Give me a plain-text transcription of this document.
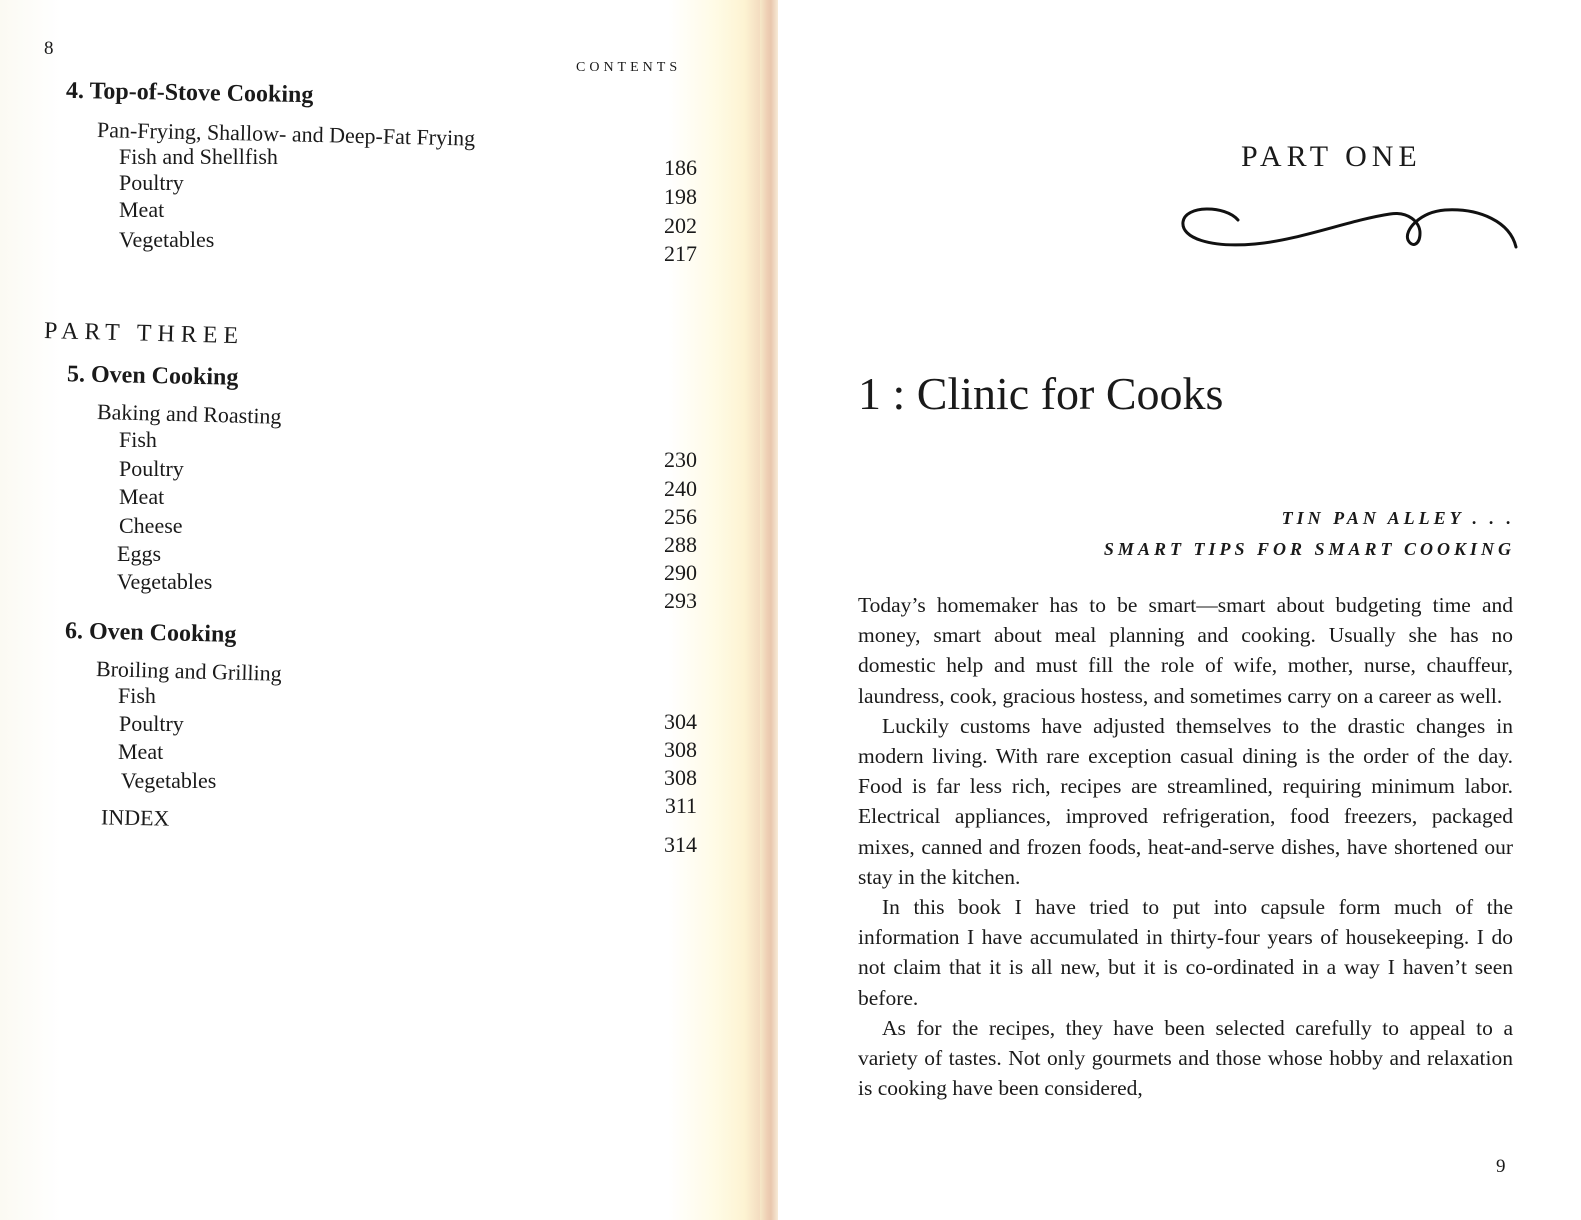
8
CONTENTS
4. Top-of-Stove Cooking
Pan-Frying, Shallow- and Deep-Fat Frying
Fish and Shellfish
Poultry
Meat
Vegetables
186
198
202
217
PART THREE
5. Oven Cooking
Baking and Roasting
Fish
Poultry
Meat
Cheese
Eggs
Vegetables
230
240
256
288
290
293
6. Oven Cooking
Broiling and Grilling
Fish
Poultry
Meat
Vegetables
304
308
308
311
INDEX
314
PART ONE
1 : Clinic for Cooks
TIN PAN ALLEY . . .
SMART TIPS FOR SMART COOKING

Today’s homemaker has to be smart—smart about budgeting time and money, smart about meal planning and cooking. Usually she has no domestic help and must fill the role of wife, mother, nurse, chauffeur, laundress, cook, gracious hostess, and sometimes carry on a career as well.

Luckily customs have adjusted themselves to the drastic changes in modern living. With rare exception casual dining is the order of the day. Food is far less rich, recipes are streamlined, requiring minimum labor. Electrical appliances, improved refrigeration, food freezers, packaged mixes, canned and frozen foods, heat-and-serve dishes, have shortened our stay in the kitchen.

In this book I have tried to put into capsule form much of the information I have accumulated in thirty-four years of housekeeping. I do not claim that it is all new, but it is co-ordinated in a way I haven’t seen before.

As for the recipes, they have been selected carefully to appeal to a variety of tastes. Not only gourmets and those whose hobby and relaxation is cooking have been considered,

9
